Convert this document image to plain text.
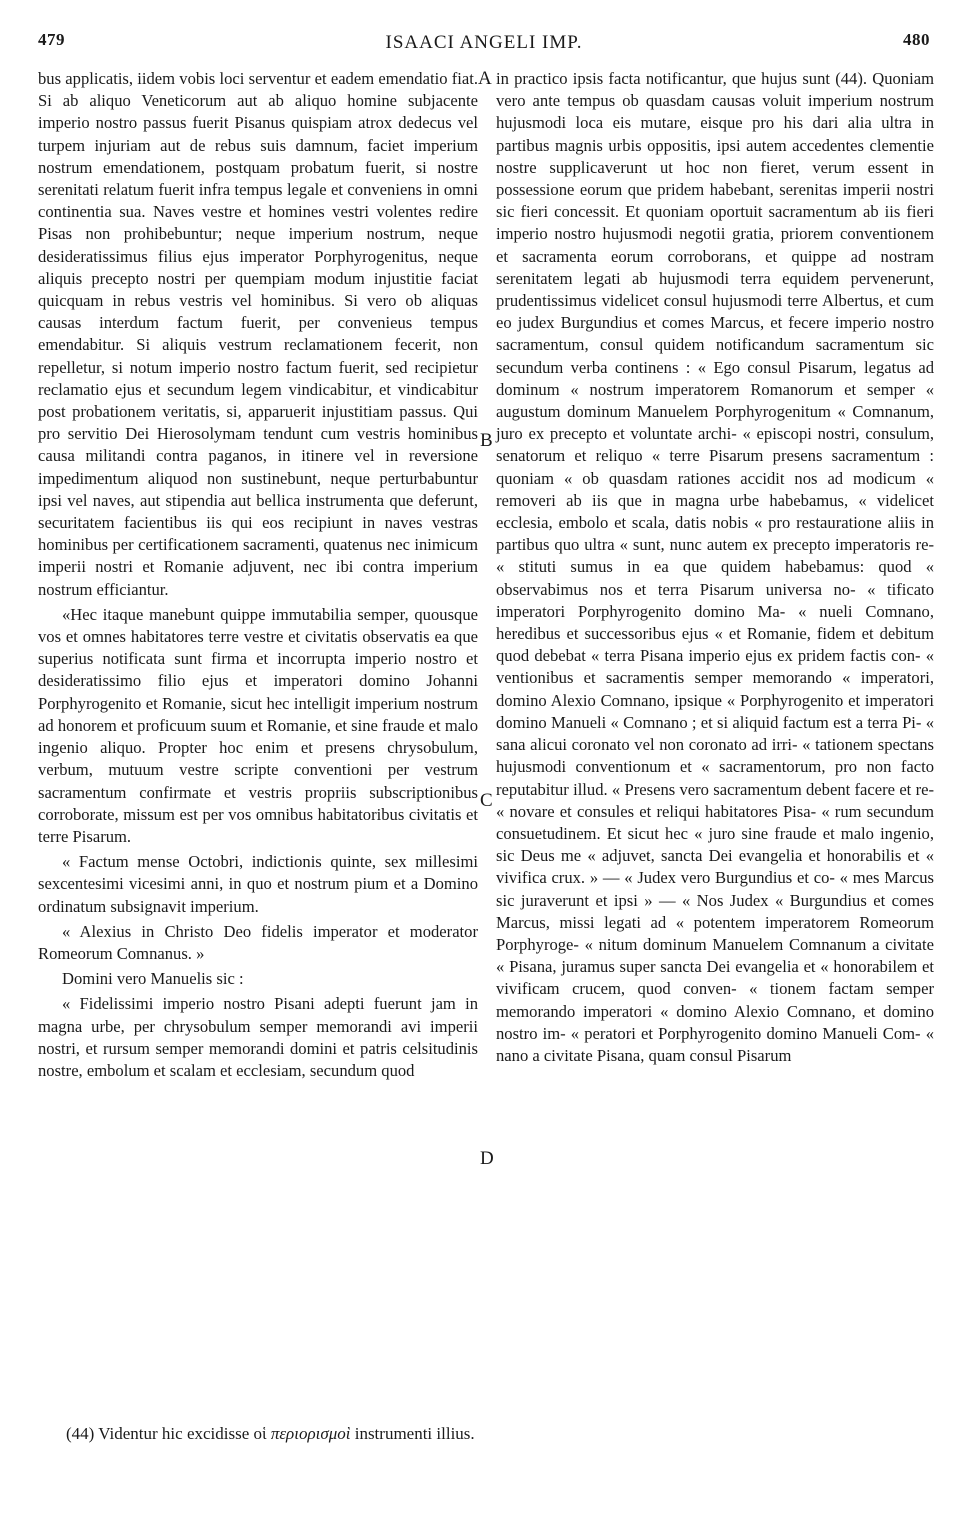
479	ISAACI ANGELI IMP.	480

bus applicatis, iidem vobis loci serventur et eadem emendatio fiat. Si ab aliquo Veneticorum aut ab aliquo homine subjacente imperio nostro passus fuerit Pisanus quispiam atrox dedecus vel turpem injuriam aut de rebus suis damnum, faciet imperium nostrum emendationem, postquam probatum fuerit, si nostre serenitati relatum fuerit infra tempus legale et conveniens in omni continentia sua. Naves vestre et homines vestri volentes redire Pisas non prohibebuntur; neque imperium nostrum, neque desideratissimus filius ejus imperator Porphyrogenitus, neque aliquis precepto nostri per quempiam modum injustitie faciat quicquam in rebus vestris vel hominibus. Si vero ob aliquas causas interdum factum fuerit, per convenieus tempus emendabitur. Si aliquis vestrum reclamationem fecerit, non repelletur, si notum imperio nostro factum fuerit, sed recipietur reclamatio ejus et secundum legem vindicabitur, et vindicabitur post probationem veritatis, si, apparuerit injustitiam passus. Qui pro servitio Dei Hierosolymam tendunt cum vestris hominibus causa militandi contra paganos, in itinere vel in reversione impedimentum aliquod non sustinebunt, neque perturbabuntur ipsi vel naves, aut stipendia aut bellica instrumenta que deferunt, securitatem facientibus iis qui eos recipiunt in naves vestras hominibus per certificationem sacramenti, quatenus nec inimicum imperii nostri et Romanie adjuvent, nec ibi contra imperium nostrum efficiantur.

«Hec itaque manebunt quippe immutabilia semper, quousque vos et omnes habitatores terre vestre et civitatis observatis ea que superius notificata sunt firma et incorrupta imperio nostro et desideratissimo filio ejus et imperatori domino Johanni Porphyrogenito et Romanie, sicut hec intelligit imperium nostrum ad honorem et proficuum suum et Romanie, et sine fraude et malo ingenio aliquo. Propter hoc enim et presens chrysobulum, verbum, mutuum vestre scripte conventioni per vestrum sacramentum confirmate et vestris propriis subscriptionibus corroborate, missum est per vos omnibus habitatoribus civitatis et terre Pisarum.

« Factum mense Octobri, indictionis quinte, sex millesimi sexcentesimi vicesimi anni, in quo et nostrum pium et a Domino ordinatum subsignavit imperium.

« Alexius in Christo Deo fidelis imperator et moderator Romeorum Comnanus. »

Domini vero Manuelis sic :

« Fidelissimi imperio nostro Pisani adepti fuerunt jam in magna urbe, per chrysobulum semper memorandi avi imperii nostri, et rursum semper memorandi domini et patris celsitudinis nostre, embolum et scalam et ecclesiam, secundum quod

in practico ipsis facta notificantur, que hujus sunt (44). Quoniam vero ante tempus ob quasdam causas voluit imperium nostrum hujusmodi loca eis mutare, eisque pro his dari alia ultra in partibus magnis urbis oppositis, ipsi autem accedentes clementie nostre supplicaverunt ut hoc non fieret, verum essent in possessione eorum que pridem habebant, serenitas imperii nostri sic fieri concessit. Et quoniam oportuit sacramentum ab iis fieri imperio nostro hujusmodi negotii gratia, priorem conventionem et sacramenta eorum corroborans, et quippe ad nostram serenitatem legati ab hujusmodi terra equidem pervenerunt, prudentissimus videlicet consul hujusmodi terre Albertus, et cum eo judex Burgundius et comes Marcus, et fecere imperio nostro sacramentum, consul quidem notificandum sacramentum sic secundum verba continens : « Ego consul Pisarum, legatus ad dominum « nostrum imperatorem Romanorum et semper « augustum dominum Manuelem Porphyrogenitum « Comnanum, juro ex precepto et voluntate archi- « episcopi nostri, consulum, senatorum et reliquo « terre Pisarum presens sacramentum : quoniam « ob quasdam rationes accidit nos ad modicum « removeri ab iis que in magna urbe habebamus, « videlicet ecclesia, embolo et scala, datis nobis « pro restauratione aliis in partibus quo ultra « sunt, nunc autem ex precepto imperatoris re- « stituti sumus in ea que quidem habebamus: quod « observabimus nos et terra Pisarum universa no- « tificato imperatori Porphyrogenito domino Ma- « nueli Comnano, heredibus et successoribus ejus « et Romanie, fidem et debitum quod debebat « terra Pisana imperio ejus ex pridem factis con- « ventionibus et sacramentis semper memorando « imperatori, domino Alexio Comnano, ipsique « Porphyrogenito et imperatori domino Manueli « Comnano ; et si aliquid factum est a terra Pi- « sana alicui coronato vel non coronato ad irri- « tationem spectans hujusmodi conventionum et « sacramentorum, pro non facto reputabitur illud. « Presens vero sacramentum debent facere et re- « novare et consules et reliqui habitatores Pisa- « rum secundum consuetudinem. Et sicut hec « juro sine fraude et malo ingenio, sic Deus me « adjuvet, sancta Dei evangelia et honorabilis et « vivifica crux. » — « Judex vero Burgundius et co- « mes Marcus sic juraverunt et ipsi » — « Nos Judex « Burgundius et comes Marcus, missi legati ad « potentem imperatorem Romeorum Porphyroge- « nitum dominum Manuelem Comnanum a civitate « Pisana, juramus super sancta Dei evangelia et « honorabilem et vivificam crucem, quod conven- « tionem factam semper memorando imperatori « domino Alexio Comnano, et domino nostro im- « peratori et Porphyrogenito domino Manueli Com- « nano a civitate Pisana, quam consul Pisarum

A
B
C
D
(44) Videntur hic excidisse οἱ περιορισμοὶ instrumenti illius.
